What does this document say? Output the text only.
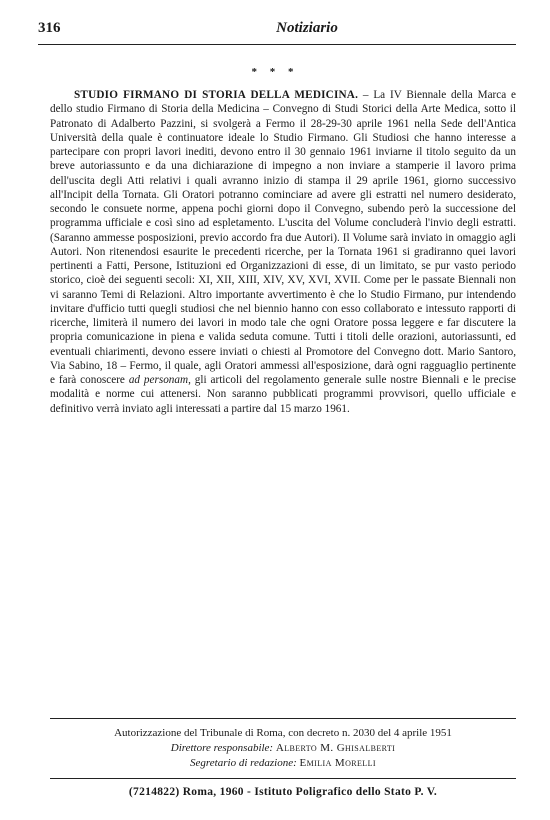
316	Notiziario
* * *

STUDIO FIRMANO DI STORIA DELLA MEDICINA. – La IV Biennale della Marca e dello studio Firmano di Storia della Medicina – Convegno di Studi Storici della Arte Medica, sotto il Patronato di Adalberto Pazzini, si svolgerà a Fermo il 28-29-30 aprile 1961 nella Sede dell'Antica Università della quale è continuatore ideale lo Studio Firmano. Gli Studiosi che hanno interesse a partecipare con propri lavori inediti, devono entro il 30 gennaio 1961 inviarne il titolo seguito da un breve autoriassunto e da una dichiarazione di impegno a non inviare a stamperie il lavoro prima dell'uscita degli Atti relativi i quali avranno inizio di stampa il 29 aprile 1961, giorno successivo all'Incipit della Tornata. Gli Oratori potranno cominciare ad avere gli estratti nel numero desiderato, secondo le consuete norme, appena pochi giorni dopo il Convegno, subendo però la successione del programma ufficiale e così sino ad espletamento. L'uscita del Volume concluderà l'invio degli estratti. (Saranno ammesse posposizioni, previo accordo fra due Autori). Il Volume sarà inviato in omaggio agli Autori. Non ritenendosi esaurite le precedenti ricerche, per la Tornata 1961 si gradiranno quei lavori pertinenti a Fatti, Persone, Istituzioni ed Organizzazioni di esse, di un limitato, se pur vasto periodo storico, cioè dei seguenti secoli: XI, XII, XIII, XIV, XV, XVI, XVII. Come per le passate Biennali non vi saranno Temi di Relazioni. Altro importante avvertimento è che lo Studio Firmano, pur intendendo invitare d'ufficio tutti quegli studiosi che nel biennio hanno con esso collaborato e intessuto rapporti di ricerche, limiterà il numero dei lavori in modo tale che ogni Oratore possa leggere e far discutere la propria comunicazione in piena e valida seduta comune. Tutti i titoli delle orazioni, autoriassunti, ed eventuali chiarimenti, devono essere inviati o chiesti al Promotore del Convegno dott. Mario Santoro, Via Sabino, 18 – Fermo, il quale, agli Oratori ammessi all'esposizione, darà ogni ragguaglio pertinente e farà conoscere ad personam, gli articoli del regolamento generale sulle nostre Biennali e le precise modalità e norme cui attenersi. Non saranno pubblicati programmi provvisori, quello ufficiale e definitivo verrà inviato agli interessati a partire dal 15 marzo 1961.

Autorizzazione del Tribunale di Roma, con decreto n. 2030 del 4 aprile 1951
Direttore responsabile: Alberto M. Ghisalberti
Segretario di redazione: Emilia Morelli
(7214822) Roma, 1960 - Istituto Poligrafico dello Stato P. V.
